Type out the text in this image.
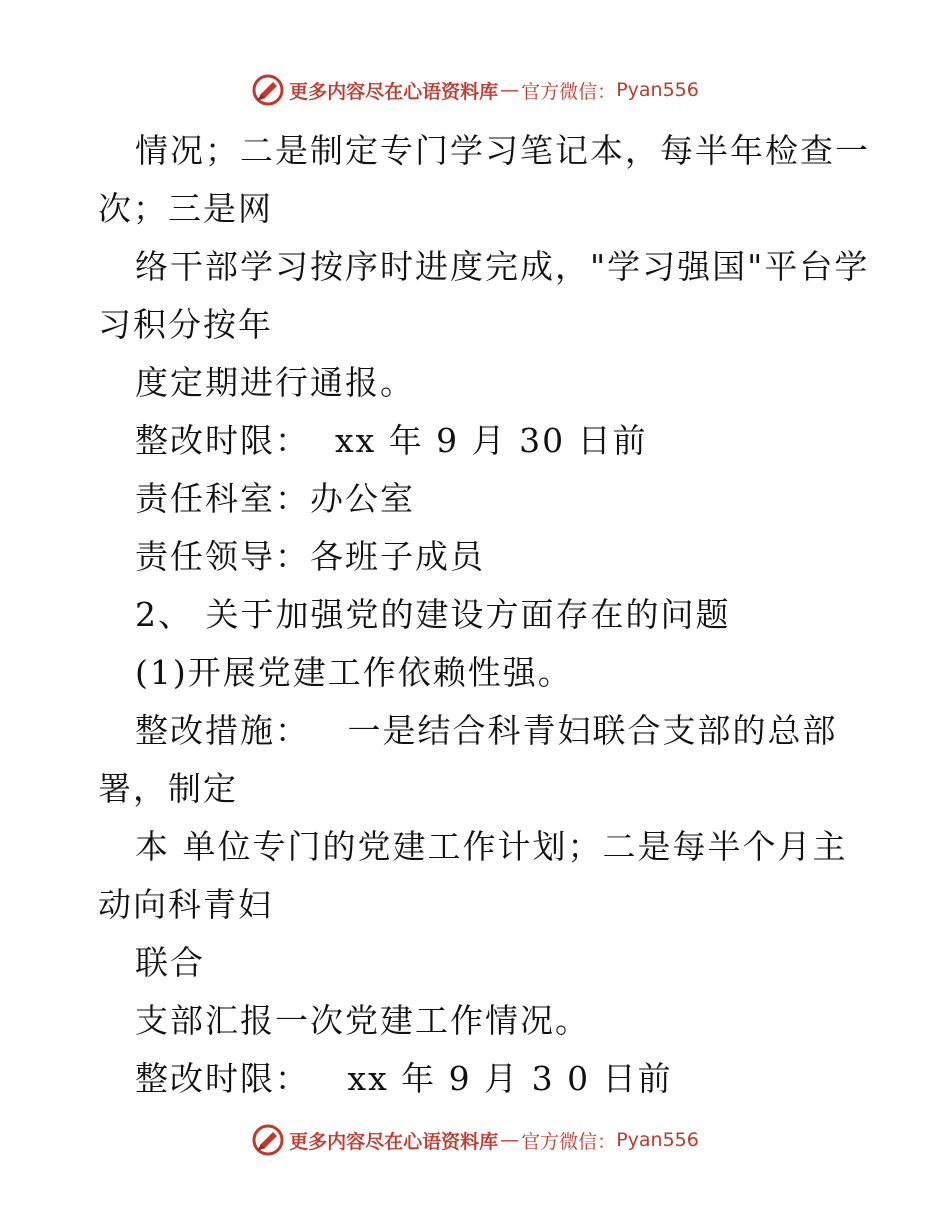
更多内容尽在心语资料库 — 官方微信： Pyan556
情况；二是制定专门学习笔记本，每半年检查一
次；三是网
络干部学习按序时进度完成，"学习强国"平台学
习积分按年
度定期进行通报。
整改时限：  xx 年 9 月 30 日前
责任科室：办公室
责任领导：各班子成员
2、 关于加强党的建设方面存在的问题
(1)开展党建工作依赖性强。
整改措施：   一是结合科青妇联合支部的总部
署，制定
本 单位专门的党建工作计划；二是每半个月主
动向科青妇
联合
支部汇报一次党建工作情况。
整改时限：   xx 年 9 月 3 0 日前
更多内容尽在心语资料库 — 官方微信： Pyan556
